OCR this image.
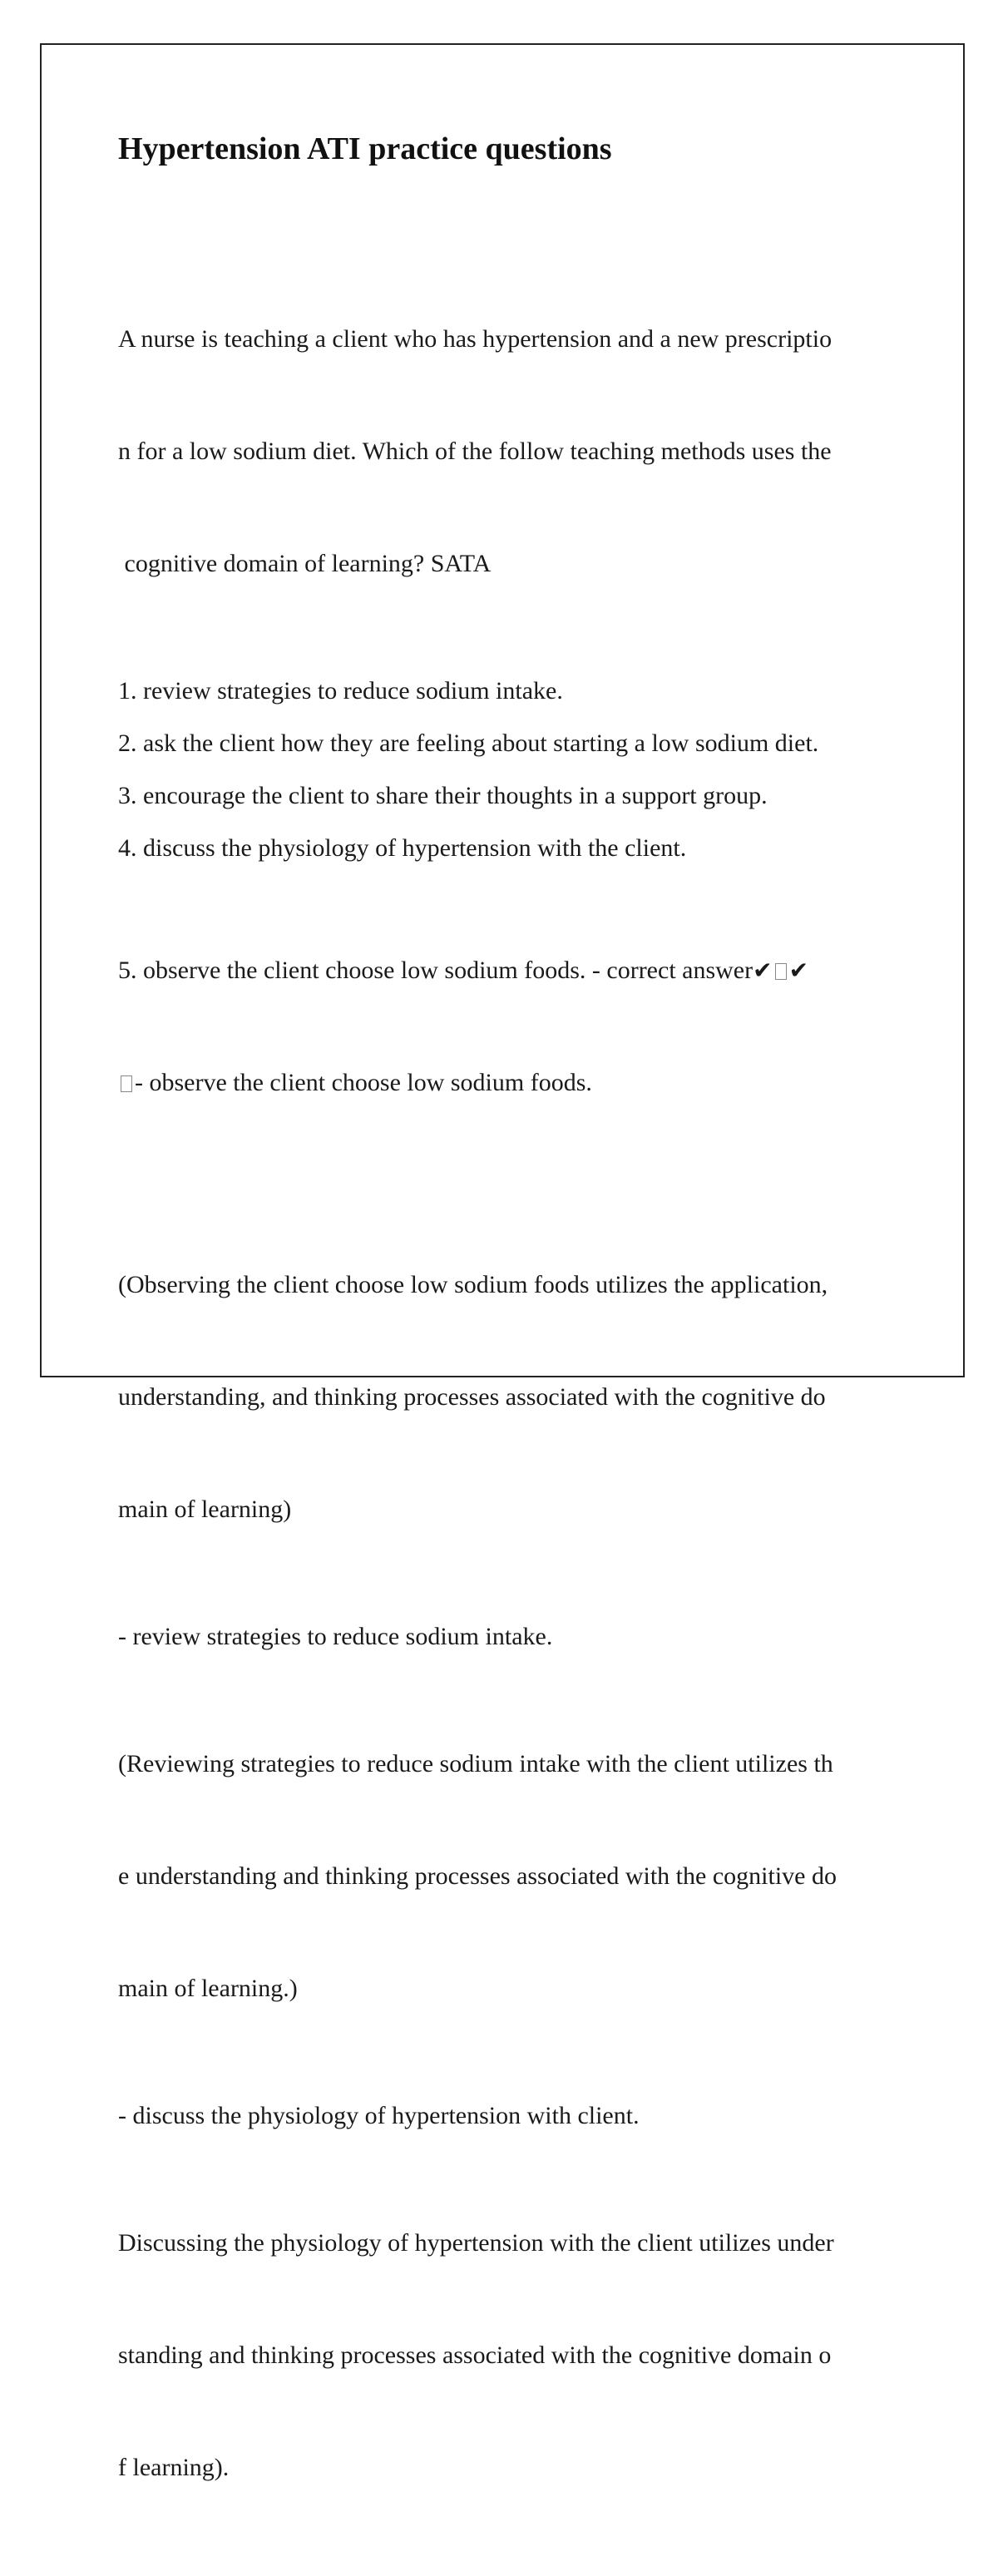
Hypertension ATI practice questions

A nurse is teaching a client who has hypertension and a new prescriptio

n for a low sodium diet. Which of the follow teaching methods uses the

cognitive domain of learning? SATA

1. review strategies to reduce sodium intake.

2. ask the client how they are feeling about starting a low sodium diet.

3. encourage the client to share their thoughts in a support group.

4. discuss the physiology of hypertension with the client.

5. observe the client choose low sodium foods. - correct answer✔ ✔

- observe the client choose low sodium foods.

(Observing the client choose low sodium foods utilizes the application,

understanding, and thinking processes associated with the cognitive do

main of learning)

- review strategies to reduce sodium intake.

(Reviewing strategies to reduce sodium intake with the client utilizes th

e understanding and thinking processes associated with the cognitive do

main of learning.)

- discuss the physiology of hypertension with client.

Discussing the physiology of hypertension with the client utilizes under

standing and thinking processes associated with the cognitive domain o

f learning).
